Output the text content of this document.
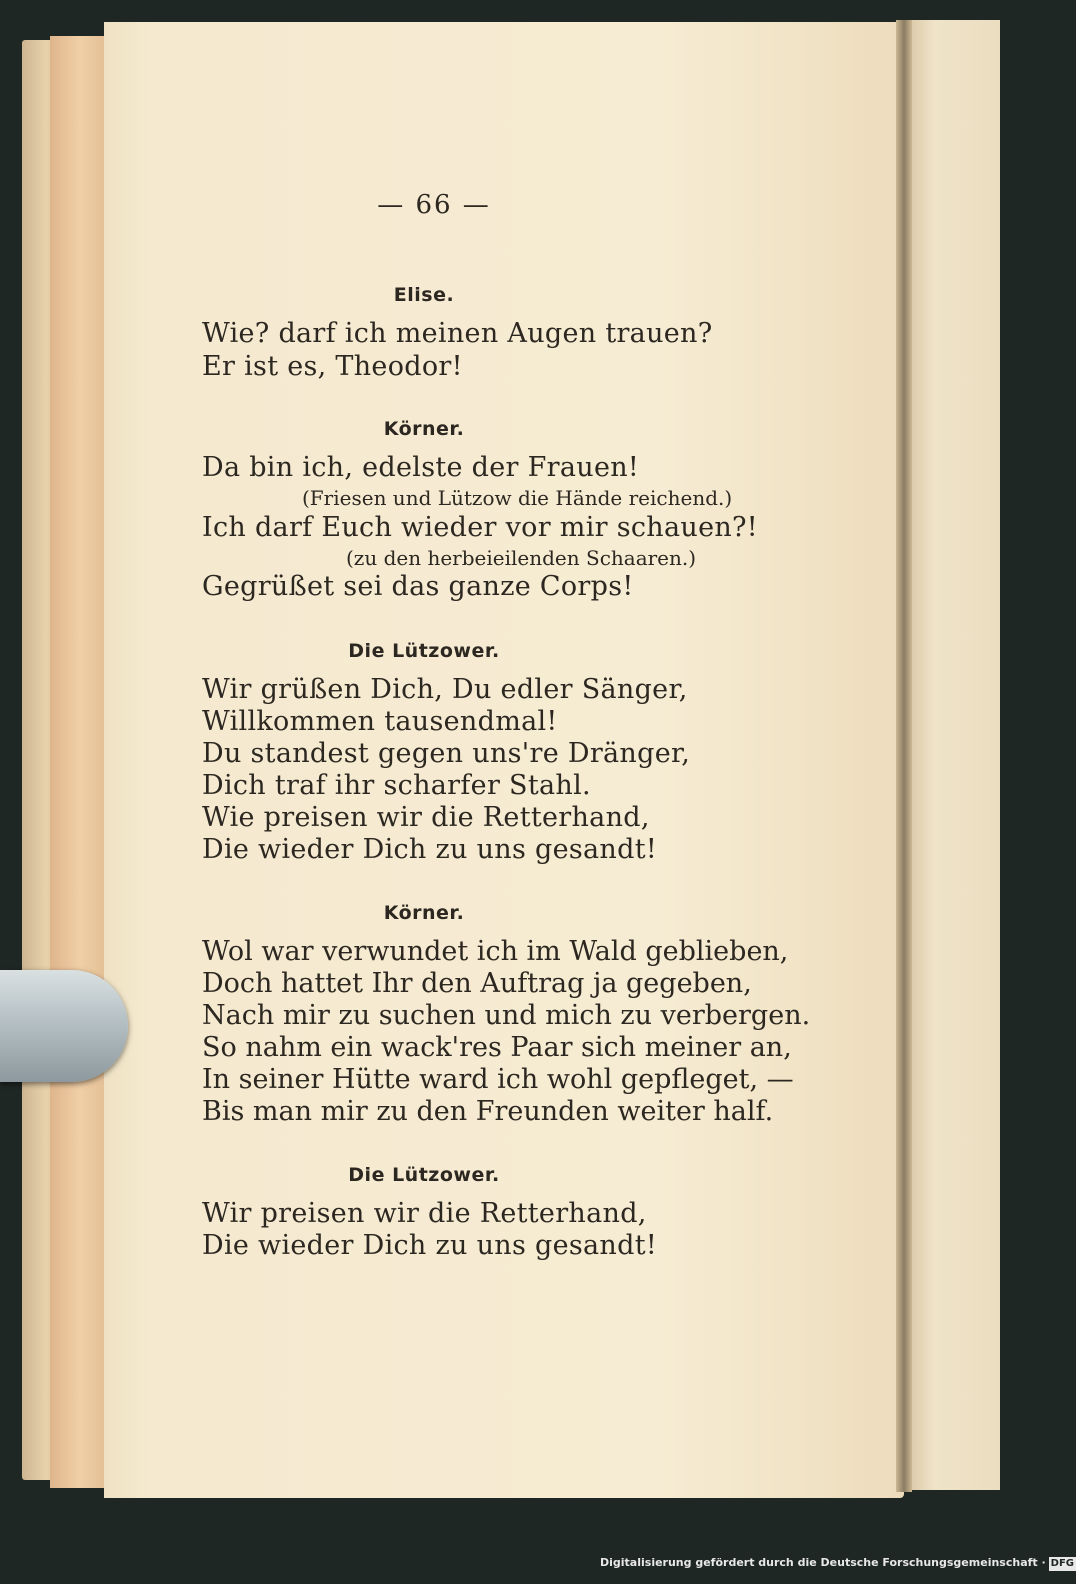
— 66 —
Elise.
Wie? darf ich meinen Augen trauen?
Er ist es, Theodor!
Körner.
Da bin ich, edelste der Frauen!
(Friesen und Lützow die Hände reichend.)
Ich darf Euch wieder vor mir schauen?!
(zu den herbeieilenden Schaaren.)
Gegrüßet sei das ganze Corps!
Die Lützower.
Wir grüßen Dich, Du edler Sänger,
Willkommen tausendmal!
Du standest gegen uns're Dränger,
Dich traf ihr scharfer Stahl.
Wie preisen wir die Retterhand,
Die wieder Dich zu uns gesandt!
Körner.
Wol war verwundet ich im Wald geblieben,
Doch hattet Ihr den Auftrag ja gegeben,
Nach mir zu suchen und mich zu verbergen.
So nahm ein wack'res Paar sich meiner an,
In seiner Hütte ward ich wohl gepfleget, —
Bis man mir zu den Freunden weiter half.
Die Lützower.
Wir preisen wir die Retterhand,
Die wieder Dich zu uns gesandt!
Digitalisierung gefördert durch die Deutsche Forschungsgemeinschaft · DFG
